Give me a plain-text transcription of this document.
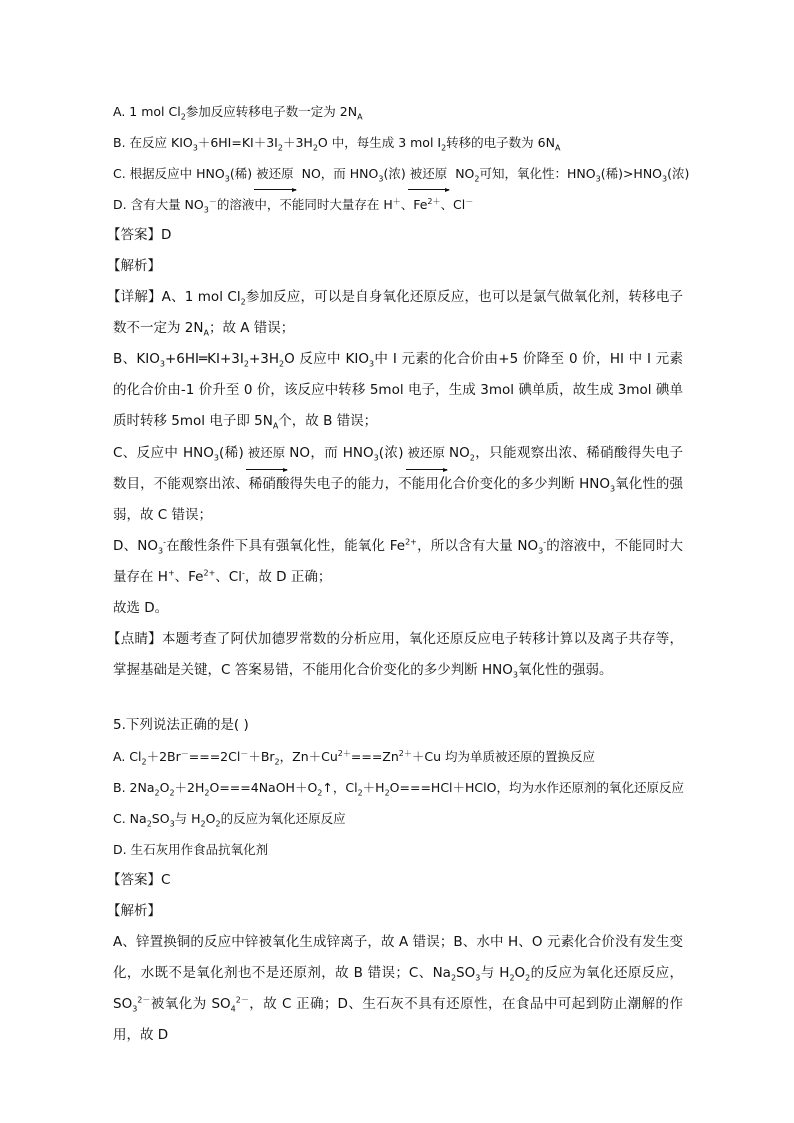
A. 1 mol $Cl_2$参加反应转移电子数一定为 $2N_A$

B. 在反应 $KIO_3+6HI=KI+3I_2+3H_2O$ 中，每生成 3 mol $I_2$转移的电子数为 $6N_A$

C. 根据反应中 $HNO_3$(稀) 被还原 NO，而 $HNO_3$(浓) 被还原 $NO_2$可知，氧化性：$HNO_3$(稀)$>HNO_3$(浓)

D. 含有大量 $NO_3^-$的溶液中，不能同时大量存在 H＋、$Fe^{2+}$、Cl－

【答案】D

【解析】

【详解】A、1 mol $Cl_2$参加反应，可以是自身氧化还原反应，也可以是氯气做氧化剂，转移电子数不一定为 $2N_A$；故 A 错误；

B、$KIO_3+6HI═KI+3I_2+3H_2O$ 反应中 $KIO_3$中 I 元素的化合价由+5 价降至 0 价，HI 中 I 元素的化合价由-1 价升至 0 价，该反应中转移 5mol 电子，生成 3mol 碘单质，故生成 3mol 碘单质时转移 5mol 电子即 $5N_A$个，故 B 错误；

C、反应中 $HNO_3$(稀) 被还原 NO，而 $HNO_3$(浓) 被还原 $NO_2$，只能观察出浓、稀硝酸得失电子数目，不能观察出浓、稀硝酸得失电子的能力，不能用化合价变化的多少判断 $HNO_3$氧化性的强弱，故 C 错误；

D、$NO_3^-$在酸性条件下具有强氧化性，能氧化 $Fe^{2+}$，所以含有大量 $NO_3^-$的溶液中，不能同时大量存在 H+、$Fe^{2+}$、Cl-，故 D 正确；

故选 D。

【点睛】本题考查了阿伏加德罗常数的分析应用，氧化还原反应电子转移计算以及离子共存等，掌握基础是关键，C 答案易错，不能用化合价变化的多少判断 $HNO_3$氧化性的强弱。

5.下列说法正确的是( )

A. $Cl_2+2Br^-===2Cl^-+Br_2$，$Zn+Cu^{2+}===Zn^{2+}+Cu$ 均为单质被还原的置换反应

B. $2Na_2O_2+2H_2O===4NaOH+O_2↑$，$Cl_2+H_2O===HCl+HClO$，均为水作还原剂的氧化还原反应

C. $Na_2SO_3$与 $H_2O_2$的反应为氧化还原反应

D. 生石灰用作食品抗氧化剂

【答案】C

【解析】

A、锌置换铜的反应中锌被氧化生成锌离子，故 A 错误；B、水中 H、O 元素化合价没有发生变化，水既不是氧化剂也不是还原剂，故 B 错误；C、$Na_2SO_3$与 $H_2O_2$的反应为氧化还原反应，$SO_3^{2-}$被氧化为 $SO_4^{2-}$，故 C 正确；D、生石灰不具有还原性，在食品中可起到防止潮解的作用，故 D
